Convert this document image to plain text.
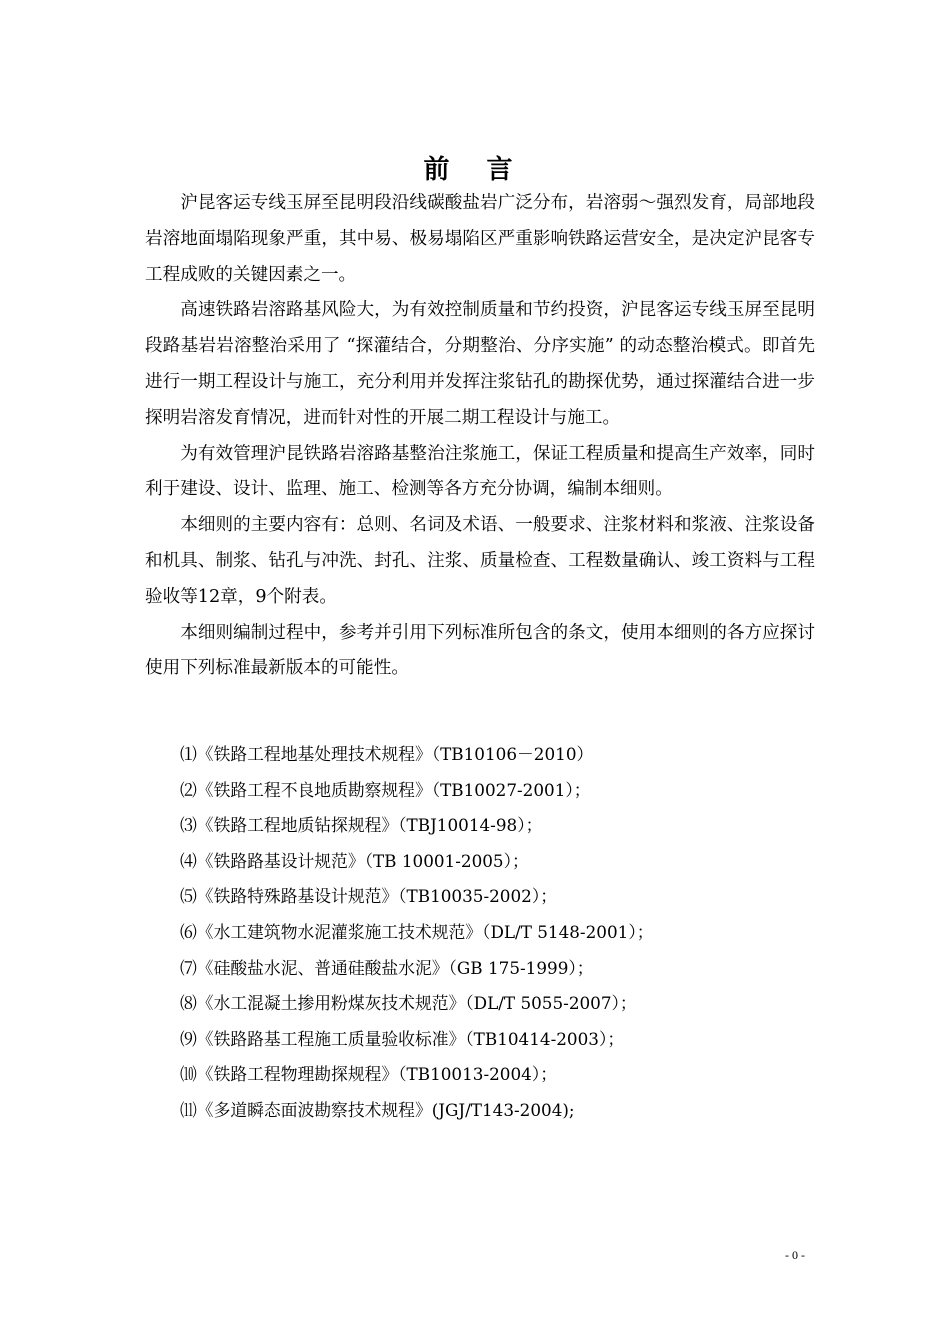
前 言

沪昆客运专线玉屏至昆明段沿线碳酸盐岩广泛分布，岩溶弱～强烈发育，局部地段岩溶地面塌陷现象严重，其中易、极易塌陷区严重影响铁路运营安全，是决定沪昆客专工程成败的关键因素之一。

高速铁路岩溶路基风险大，为有效控制质量和节约投资，沪昆客运专线玉屏至昆明段路基岩岩溶整治采用了 “探灌结合，分期整治、分序实施” 的动态整治模式。即首先进行一期工程设计与施工，充分利用并发挥注浆钻孔的勘探优势，通过探灌结合进一步探明岩溶发育情况，进而针对性的开展二期工程设计与施工。

为有效管理沪昆铁路岩溶路基整治注浆施工，保证工程质量和提高生产效率，同时利于建设、设计、监理、施工、检测等各方充分协调，编制本细则。

本细则的主要内容有：总则、名词及术语、一般要求、注浆材料和浆液、注浆设备和机具、制浆、钻孔与冲洗、封孔、注浆、质量检查、工程数量确认、竣工资料与工程验收等12章，9个附表。

本细则编制过程中，参考并引用下列标准所包含的条文，使用本细则的各方应探讨使用下列标准最新版本的可能性。

⑴《铁路工程地基处理技术规程》（TB10106－2010）
⑵《铁路工程不良地质勘察规程》（TB10027-2001）；
⑶《铁路工程地质钻探规程》（TBJ10014-98）；
⑷《铁路路基设计规范》（TB 10001-2005）；
⑸《铁路特殊路基设计规范》（TB10035-2002）；
⑹《水工建筑物水泥灌浆施工技术规范》（DL/T 5148-2001）；
⑺《硅酸盐水泥、普通硅酸盐水泥》（GB 175-1999）；
⑻《水工混凝土掺用粉煤灰技术规范》（DL/T 5055-2007）；
⑼《铁路路基工程施工质量验收标准》（TB10414-2003）；
⑽《铁路工程物理勘探规程》（TB10013-2004）；
⑾《多道瞬态面波勘察技术规程》(JGJ/T143-2004);
- 0 -
